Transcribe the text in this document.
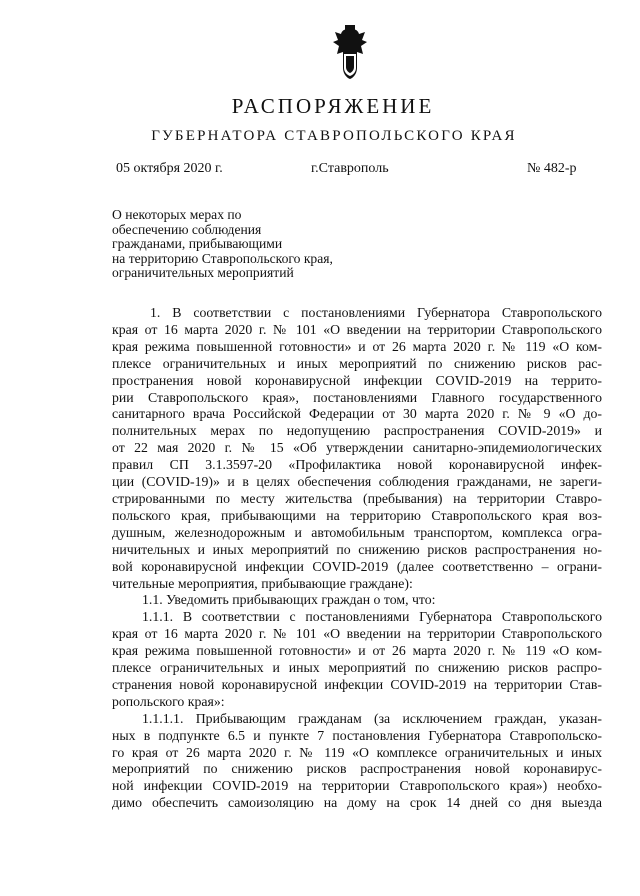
РАСПОРЯЖЕНИЕ
ГУБЕРНАТОРА СТАВРОПОЛЬСКОГО КРАЯ
05 октября 2020 г.	г.Ставрополь	№ 482-р
О некоторых мерах по
обеспечению соблюдения
гражданами, прибывающими
на территорию Ставропольского края,
ограничительных мероприятий
1. В соответствии с постановлениями Губернатора Ставропольского
края от 16 марта 2020 г. № 101 «О введении на территории Ставропольского
края режима повышенной готовности» и от 26 марта 2020 г. № 119 «О ком-
плексе ограничительных и иных мероприятий по снижению рисков рас-
пространения новой коронавирусной инфекции COVID-2019 на террито-
рии Ставропольского края», постановлениями Главного государственного
санитарного врача Российской Федерации от 30 марта 2020 г. № 9 «О до-
полнительных мерах по недопущению распространения COVID-2019» и
от 22 мая 2020 г. № 15 «Об утверждении санитарно-эпидемиологических
правил СП 3.1.3597-20 «Профилактика новой коронавирусной инфек-
ции (COVID-19)» и в целях обеспечения соблюдения гражданами, не зареги-
стрированными по месту жительства (пребывания) на территории Ставро-
польского края, прибывающими на территорию Ставропольского края воз-
душным, железнодорожным и автомобильным транспортом, комплекса огра-
ничительных и иных мероприятий по снижению рисков распространения но-
вой коронавирусной инфекции COVID-2019 (далее соответственно – ограни-
чительные мероприятия, прибывающие граждане):
1.1. Уведомить прибывающих граждан о том, что:
1.1.1. В соответствии с постановлениями Губернатора Ставропольского
края от 16 марта 2020 г. № 101 «О введении на территории Ставропольского
края режима повышенной готовности» и от 26 марта 2020 г. № 119 «О ком-
плексе ограничительных и иных мероприятий по снижению рисков распро-
странения новой коронавирусной инфекции COVID-2019 на территории Став-
ропольского края»:
1.1.1.1. Прибывающим гражданам (за исключением граждан, указан-
ных в подпункте 6.5 и пункте 7 постановления Губернатора Ставропольско-
го края от 26 марта 2020 г. № 119 «О комплексе ограничительных и иных
мероприятий по снижению рисков распространения новой коронавирус-
ной инфекции COVID-2019 на территории Ставропольского края») необхо-
димо обеспечить самоизоляцию на дому на срок 14 дней со дня выезда
